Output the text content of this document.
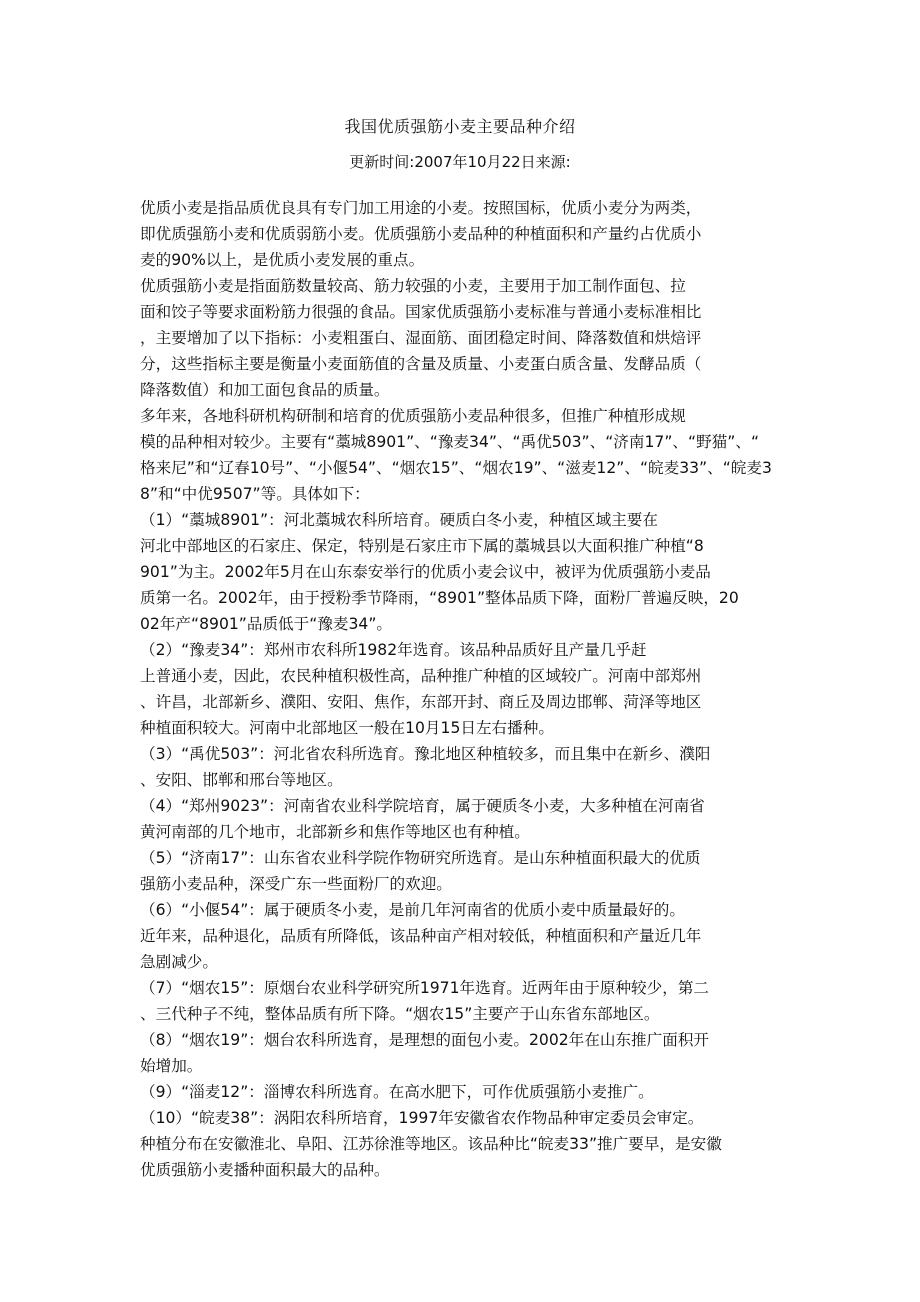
我国优质强筋小麦主要品种介绍
更新时间:2007年10月22日来源:
优质小麦是指品质优良具有专门加工用途的小麦。按照国标，优质小麦分为两类，
即优质强筋小麦和优质弱筋小麦。优质强筋小麦品种的种植面积和产量约占优质小
麦的90%以上，是优质小麦发展的重点。
优质强筋小麦是指面筋数量较高、筋力较强的小麦，主要用于加工制作面包、拉
面和饺子等要求面粉筋力很强的食品。国家优质强筋小麦标准与普通小麦标准相比
，主要增加了以下指标：小麦粗蛋白、湿面筋、面团稳定时间、降落数值和烘焙评
分，这些指标主要是衡量小麦面筋值的含量及质量、小麦蛋白质含量、发酵品质（
降落数值）和加工面包食品的质量。
多年来，各地科研机构研制和培育的优质强筋小麦品种很多，但推广种植形成规
模的品种相对较少。主要有“藁城8901”、“豫麦34”、“禹优503”、“济南17”、“野猫”、“
格来尼”和“辽春10号”、“小偃54”、“烟农15”、“烟农19”、“滋麦12”、“皖麦33”、“皖麦3
8”和“中优9507”等。具体如下：
（1）“藁城8901”：河北藁城农科所培育。硬质白冬小麦，种植区域主要在
河北中部地区的石家庄、保定，特别是石家庄市下属的藁城县以大面积推广种植“8
901”为主。2002年5月在山东泰安举行的优质小麦会议中，被评为优质强筋小麦品
质第一名。2002年，由于授粉季节降雨，“8901”整体品质下降，面粉厂普遍反映，20
02年产“8901”品质低于“豫麦34”。
（2）“豫麦34”：郑州市农科所1982年选育。该品种品质好且产量几乎赶
上普通小麦，因此，农民种植积极性高，品种推广种植的区域较广。河南中部郑州
、许昌，北部新乡、濮阳、安阳、焦作，东部开封、商丘及周边邯郸、菏泽等地区
种植面积较大。河南中北部地区一般在10月15日左右播种。
（3）“禹优503”：河北省农科所选育。豫北地区种植较多，而且集中在新乡、濮阳
、安阳、邯郸和邢台等地区。
（4）“郑州9023”：河南省农业科学院培育，属于硬质冬小麦，大多种植在河南省
黄河南部的几个地市，北部新乡和焦作等地区也有种植。
（5）“济南17”：山东省农业科学院作物研究所选育。是山东种植面积最大的优质
强筋小麦品种，深受广东一些面粉厂的欢迎。
（6）“小偃54”：属于硬质冬小麦，是前几年河南省的优质小麦中质量最好的。
近年来，品种退化，品质有所降低，该品种亩产相对较低，种植面积和产量近几年
急剧减少。
（7）“烟农15”：原烟台农业科学研究所1971年选育。近两年由于原种较少，第二
、三代种子不纯，整体品质有所下降。“烟农15”主要产于山东省东部地区。
（8）“烟农19”：烟台农科所选育，是理想的面包小麦。2002年在山东推广面积开
始增加。
（9）“淄麦12”：淄博农科所选育。在高水肥下，可作优质强筋小麦推广。
（10）“皖麦38”：涡阳农科所培育，1997年安徽省农作物品种审定委员会审定。
种植分布在安徽淮北、阜阳、江苏徐淮等地区。该品种比“皖麦33”推广要早，是安徽
优质强筋小麦播种面积最大的品种。
